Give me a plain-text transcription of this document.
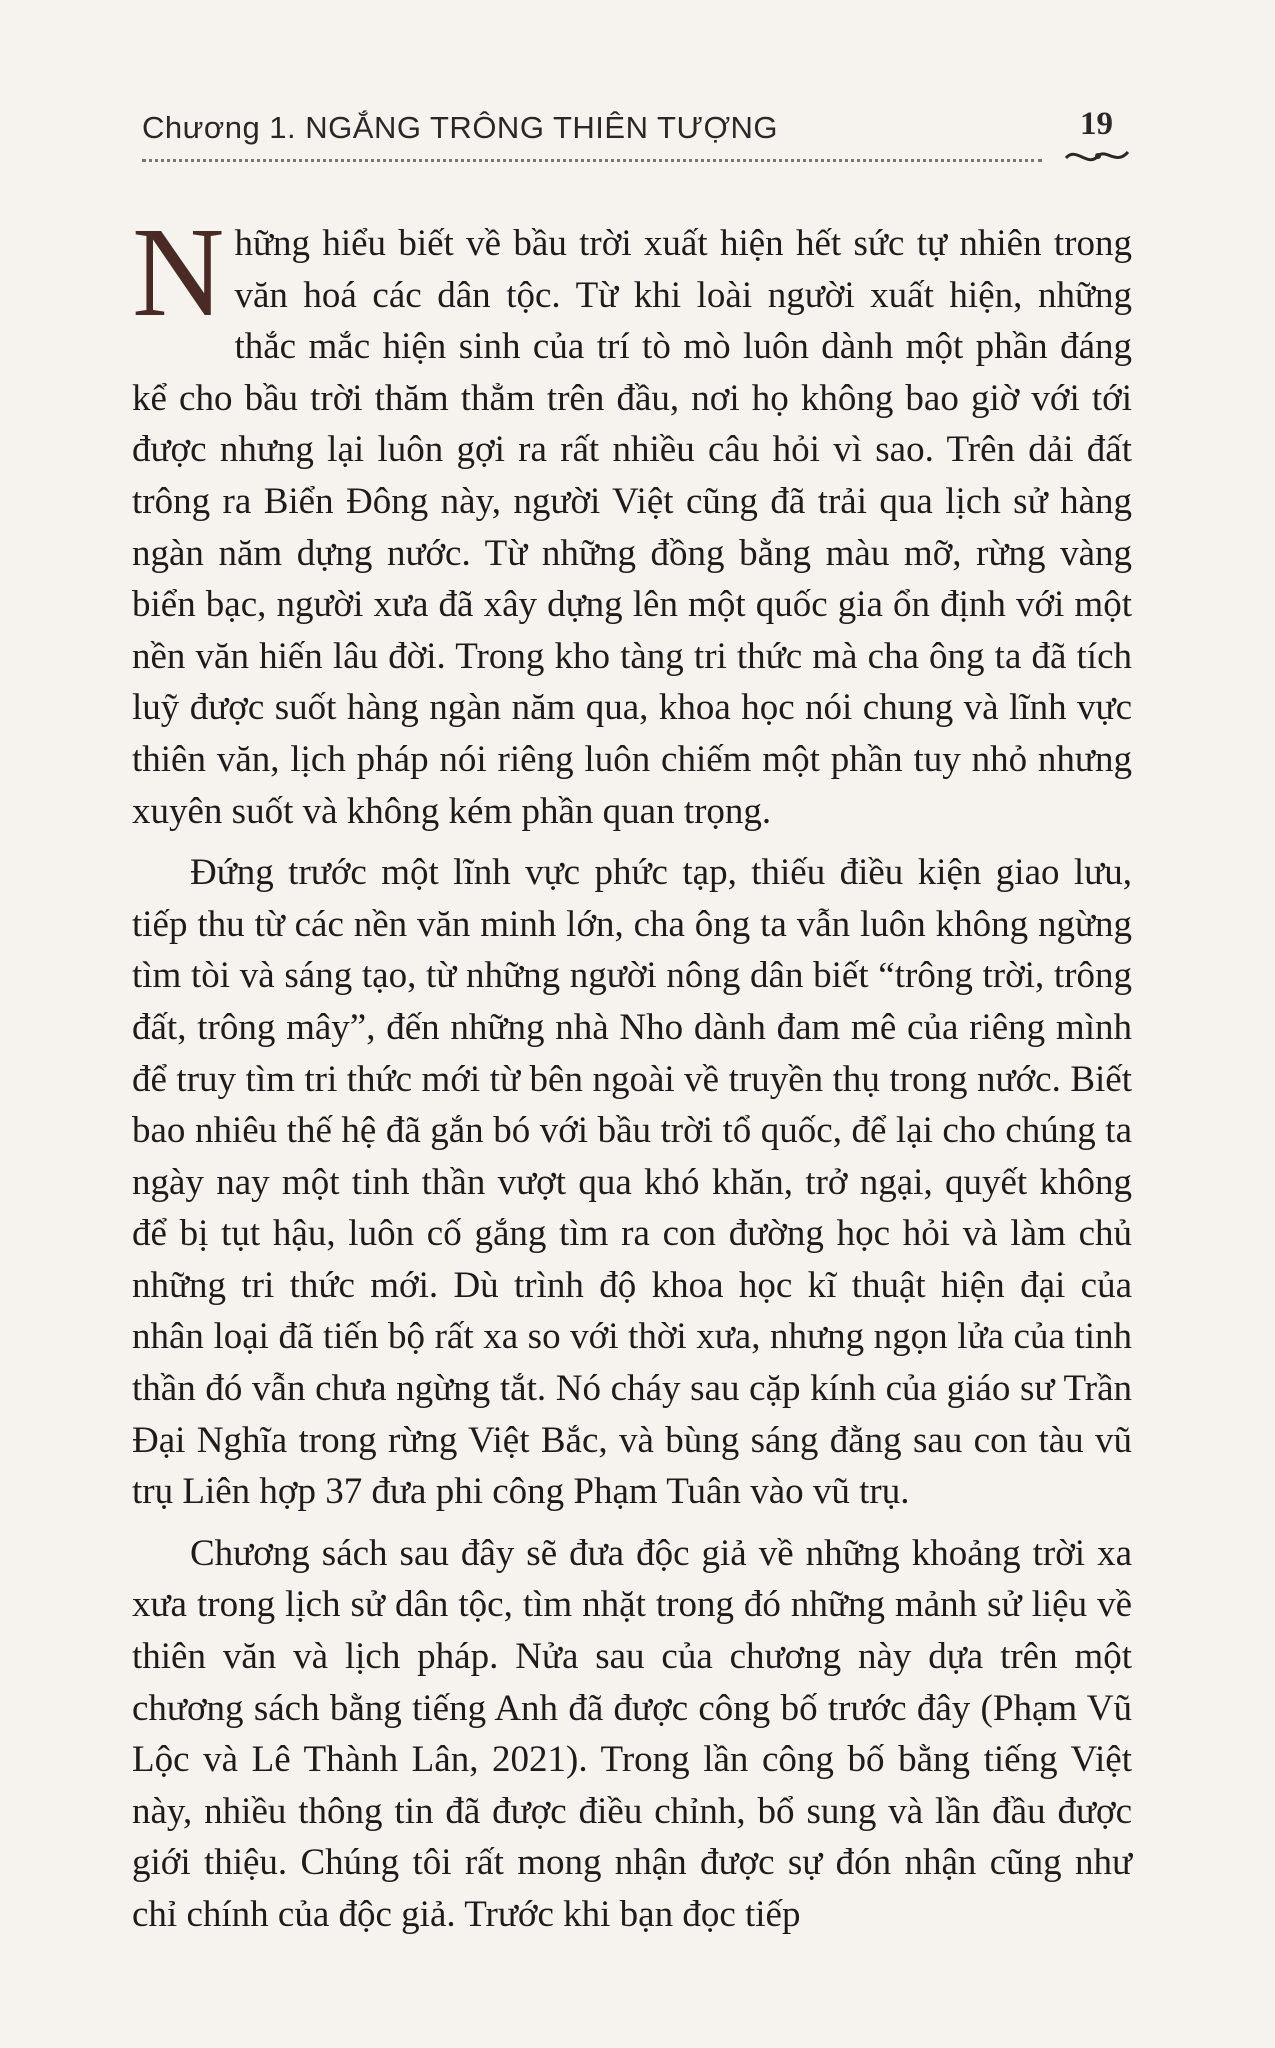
Chương 1. NGẮNG TRÔNG THIÊN TƯỢNG	19

Những hiểu biết về bầu trời xuất hiện hết sức tự nhiên trong văn hoá các dân tộc. Từ khi loài người xuất hiện, những thắc mắc hiện sinh của trí tò mò luôn dành một phần đáng kể cho bầu trời thăm thẳm trên đầu, nơi họ không bao giờ với tới được nhưng lại luôn gợi ra rất nhiều câu hỏi vì sao. Trên dải đất trông ra Biển Đông này, người Việt cũng đã trải qua lịch sử hàng ngàn năm dựng nước. Từ những đồng bằng màu mỡ, rừng vàng biển bạc, người xưa đã xây dựng lên một quốc gia ổn định với một nền văn hiến lâu đời. Trong kho tàng tri thức mà cha ông ta đã tích luỹ được suốt hàng ngàn năm qua, khoa học nói chung và lĩnh vực thiên văn, lịch pháp nói riêng luôn chiếm một phần tuy nhỏ nhưng xuyên suốt và không kém phần quan trọng.

Đứng trước một lĩnh vực phức tạp, thiếu điều kiện giao lưu, tiếp thu từ các nền văn minh lớn, cha ông ta vẫn luôn không ngừng tìm tòi và sáng tạo, từ những người nông dân biết “trông trời, trông đất, trông mây”, đến những nhà Nho dành đam mê của riêng mình để truy tìm tri thức mới từ bên ngoài về truyền thụ trong nước. Biết bao nhiêu thế hệ đã gắn bó với bầu trời tổ quốc, để lại cho chúng ta ngày nay một tinh thần vượt qua khó khăn, trở ngại, quyết không để bị tụt hậu, luôn cố gắng tìm ra con đường học hỏi và làm chủ những tri thức mới. Dù trình độ khoa học kĩ thuật hiện đại của nhân loại đã tiến bộ rất xa so với thời xưa, nhưng ngọn lửa của tinh thần đó vẫn chưa ngừng tắt. Nó cháy sau cặp kính của giáo sư Trần Đại Nghĩa trong rừng Việt Bắc, và bùng sáng đằng sau con tàu vũ trụ Liên hợp 37 đưa phi công Phạm Tuân vào vũ trụ.

Chương sách sau đây sẽ đưa độc giả về những khoảng trời xa xưa trong lịch sử dân tộc, tìm nhặt trong đó những mảnh sử liệu về thiên văn và lịch pháp. Nửa sau của chương này dựa trên một chương sách bằng tiếng Anh đã được công bố trước đây (Phạm Vũ Lộc và Lê Thành Lân, 2021). Trong lần công bố bằng tiếng Việt này, nhiều thông tin đã được điều chỉnh, bổ sung và lần đầu được giới thiệu. Chúng tôi rất mong nhận được sự đón nhận cũng như chỉ chính của độc giả. Trước khi bạn đọc tiếp
